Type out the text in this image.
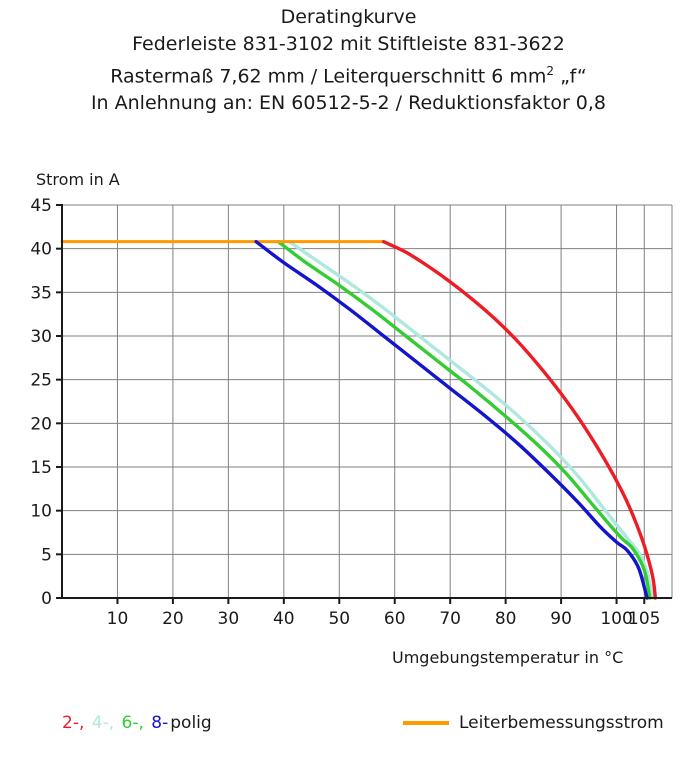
Deratingkurve
Federleiste 831-3102 mit Stiftleiste 831-3622
Rastermaß 7,62 mm / Leiterquerschnitt 6 $mm^2$ „f“
In Anlehnung an: EN 60512-5-2 / Reduktionsfaktor 0,8
Strom in A
Umgebungstemperatur in °C
0
5
10
15
20
25
30
35
40
45
10 20 30 40 50 60 70 80 90 100
105
2-, 4-, 6-, 8- polig	Leiterbemessungsstrom
